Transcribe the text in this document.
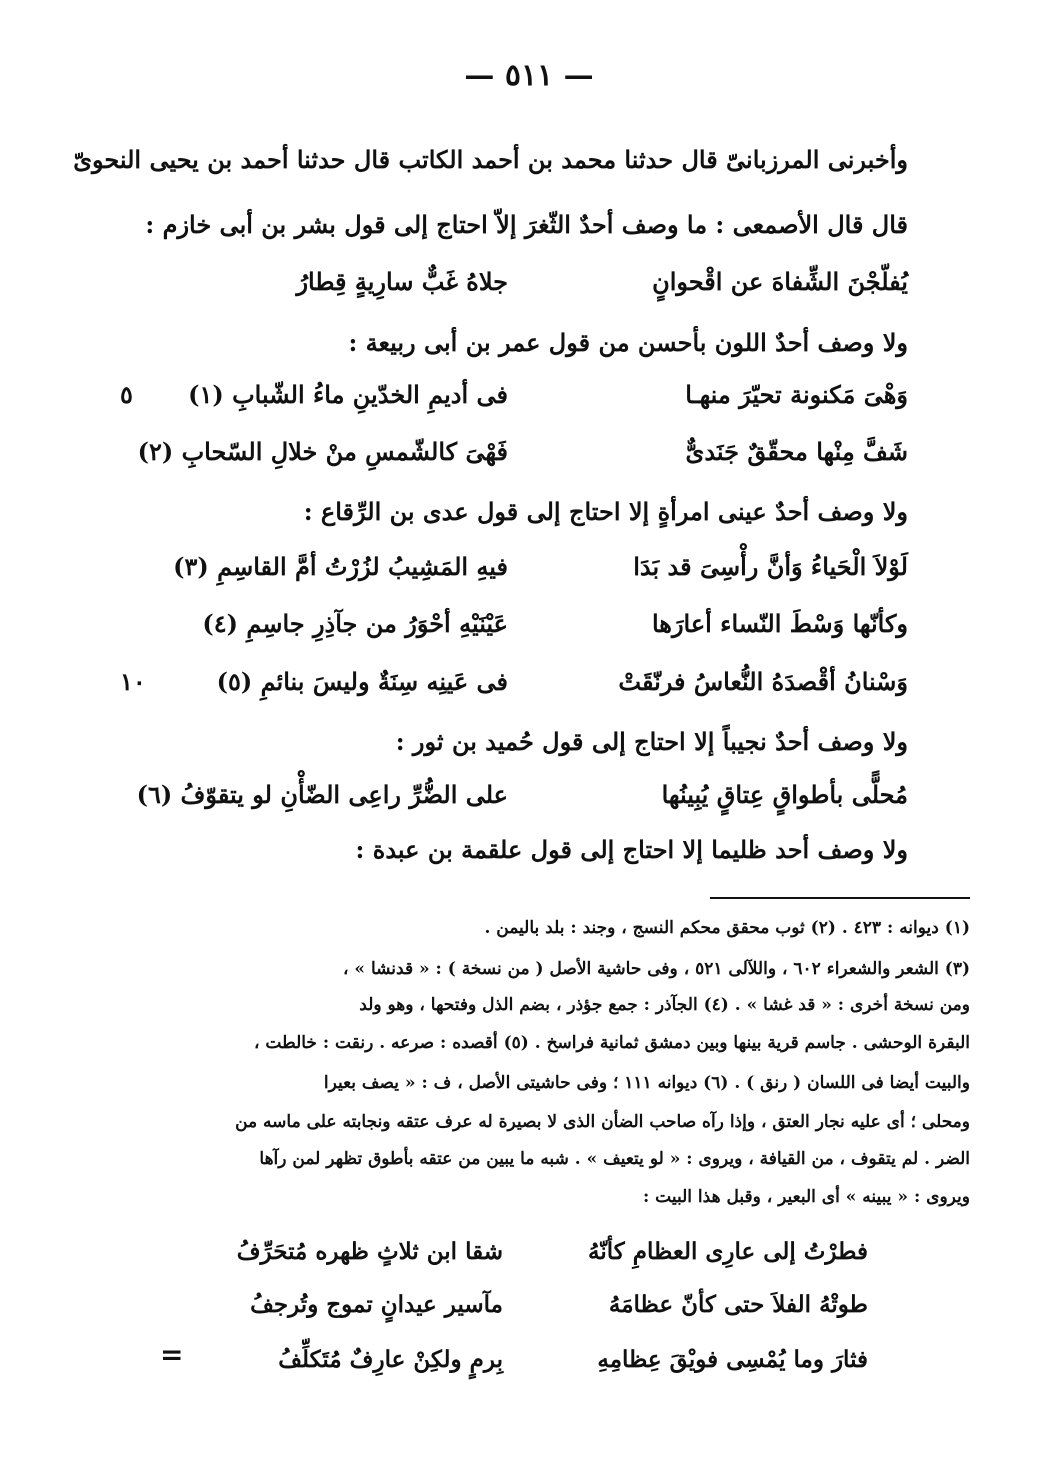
— ٥١١ —
وأخبرنى المرزبانىّ قال حدثنا محمد بن أحمد الكاتب قال حدثنا أحمد بن يحيى النحوىّ
قال قال الأصمعى : ما وصف أحدٌ الثّغرَ إلاّ احتاج إلى قول بشر بن أبى خازم :
يُفلّجْنَ الشِّفاهَ عن اقْحوانٍ
جلاهُ غَبٌّ سارِيةٍ قِطارُ
ولا وصف أحدٌ اللون بأحسن من قول عمر بن أبى ربيعة :
وَهْىَ مَكنونة تحيّرَ منهـا
فى أديمِ الخدّينِ ماءُ الشّبابِ (١)
٥
شَفَّ مِنْها محقّقٌ جَنَدىٌّ
فَهْىَ كالشّمسِ منْ خلالِ السّحابِ (٢)
ولا وصف أحدٌ عينى امرأةٍ إلا احتاج إلى قول عدى بن الرِّقاع :
لَوْلاَ الْحَياءُ وَأنَّ رأْسِىَ قد بَدَا
فيهِ المَشِيبُ لزُرْتُ أمَّ القاسِمِ (٣)
وكأنّها وَسْطَ النّساء أعارَها
عَيْنَيْهِ أحْوَرُ من جآذِرِ جاسِمِ (٤)
وَسْنانُ أقْصدَهُ النُّعاسُ فرنّقَتْ
فى عَينِه سِنَةٌ وليسَ بنائمِ (٥)
١٠
ولا وصف أحدٌ نجيباً إلا احتاج إلى قول حُميد بن ثور :
مُحلًّى بأطواقٍ عِتاقٍ يُبِينُها
على الضُّرِّ راعِى الضّأْنِ لو يتقوّفُ (٦)
ولا وصف أحد ظليما إلا احتاج إلى قول علقمة بن عبدة :
(١) ديوانه : ٤٢٣ . (٢) ثوب محقق محكم النسج ، وجند : بلد باليمن .
(٣) الشعر والشعراء ٦٠٢ ، واللآلى ٥٢١ ، وفى حاشية الأصل ( من نسخة ) : « قدنشا » ،
ومن نسخة أخرى : « قد غشا » . (٤) الجآذر : جمع جؤذر ، بضم الذل وفتحها ، وهو ولد
البقرة الوحشى . جاسم قرية بينها وبين دمشق ثمانية فراسخ . (٥) أقصده : صرعه . رنقت : خالطت ،
والبيت أيضا فى اللسان ( رنق ) . (٦) ديوانه ١١١ ؛ وفى حاشيتى الأصل ، ف : « يصف بعيرا
ومحلى ؛ أى عليه نجار العتق ، وإذا رآه صاحب الضأن الذى لا بصيرة له عرف عتقه ونجابته على ماسه من
الضر . لم يتقوف ، من القيافة ، ويروى : « لو يتعيف » . شبه ما يبين من عتقه بأطوق تظهر لمن رآها
ويروى : « يبينه » أى البعير ، وقبل هذا البيت :
فطرْتُ إلى عارِى العظامِ كأنّهُ
شقا ابن ثلاثٍ ظهره مُتحَرِّفُ
طوتْهُ الفلاَ حتى كأنّ عظامَهُ
مآسير عيدانٍ تموج وتُرجفُ
فثارَ وما يُمْسِى فويْقَ عِظامِهِ
بِرمٍ ولكِنْ عارِفٌ مُتَكلِّفُ
=
